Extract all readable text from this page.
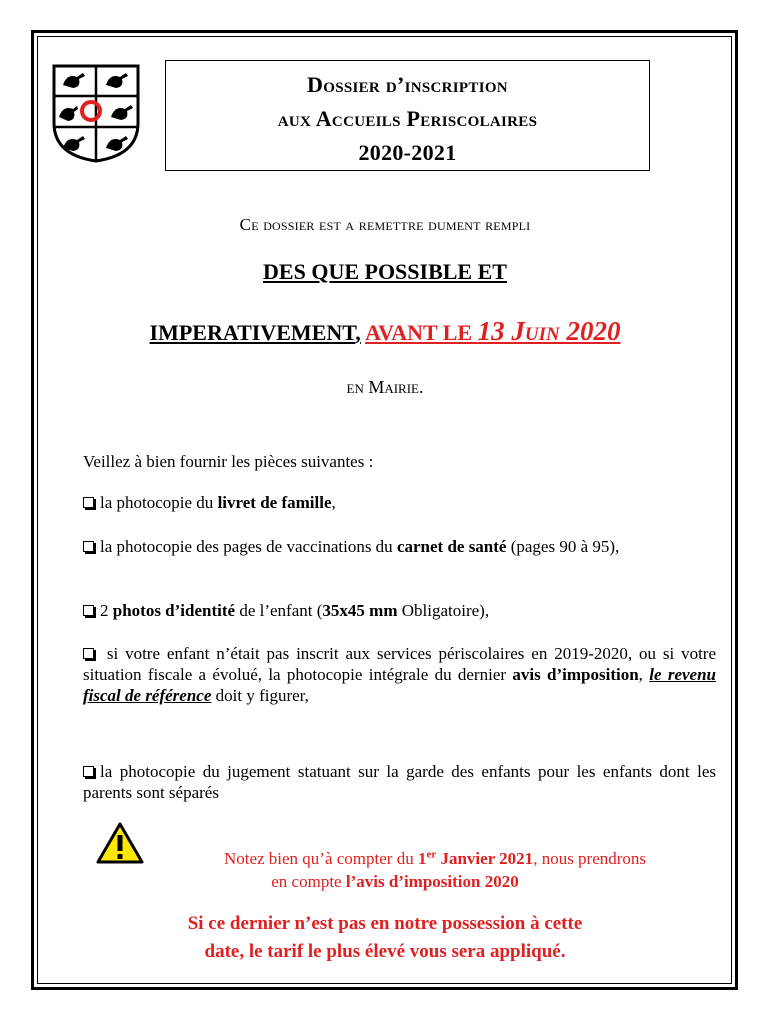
Dossier d’inscription
aux Accueils Periscolaires
2020-2021
Ce dossier est a remettre dument rempli
DES QUE POSSIBLE ET
IMPERATIVEMENT, AVANT LE 13 Juin 2020
en Mairie.
Veillez à bien fournir les pièces suivantes :
la photocopie du livret de famille,
la photocopie des pages de vaccinations du carnet de santé (pages 90 à 95),
2 photos d’identité de l’enfant (35x45 mm Obligatoire),
si votre enfant n’était pas inscrit aux services périscolaires en 2019-2020, ou si votre situation fiscale a évolué, la photocopie intégrale du dernier avis d’imposition, le revenu fiscal de référence doit y figurer,
la photocopie du jugement statuant sur la garde des enfants pour les enfants dont les parents sont séparés
Notez bien qu’à compter du 1er Janvier 2021, nous prendrons
en compte l’avis d’imposition 2020
Si ce dernier n’est pas en notre possession à cette
date, le tarif le plus élevé vous sera appliqué.
